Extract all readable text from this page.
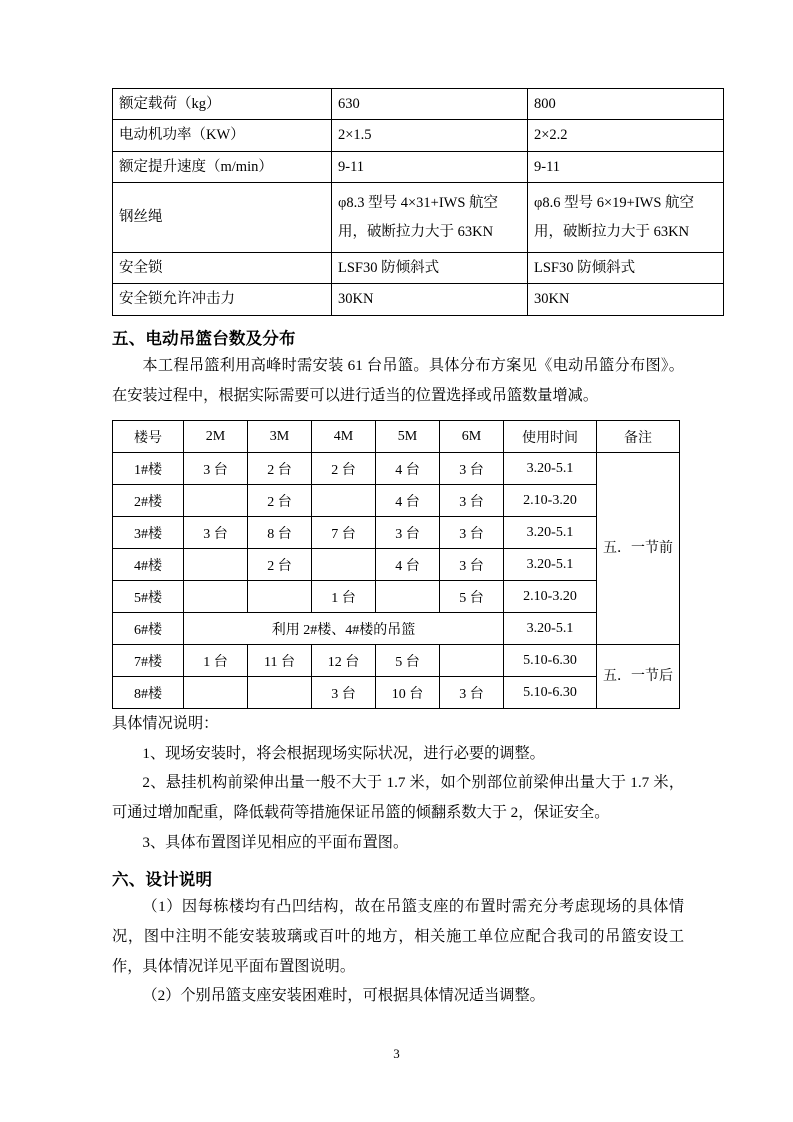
额定载荷（kg）	630	800
电动机功率（KW）	2×1.5	2×2.2
额定提升速度（m/min）	9-11	9-11
钢丝绳	φ8.3 型号 4×31+IWS 航空用，破断拉力大于 63KN	φ8.6 型号 6×19+IWS 航空用，破断拉力大于 63KN
安全锁	LSF30 防倾斜式	LSF30 防倾斜式
安全锁允许冲击力	30KN	30KN
五、电动吊篮台数及分布

本工程吊篮利用高峰时需安装 61 台吊篮。具体分布方案见《电动吊篮分布图》。在安装过程中，根据实际需要可以进行适当的位置选择或吊篮数量增减。

楼号	2M	3M	4M	5M	6M	使用时间	备注
1#楼	3 台	2 台	2 台	4 台	3 台	3.20-5.1	五．一节前
2#楼		2 台		4 台	3 台	2.10-3.20	
3#楼	3 台	8 台	7 台	3 台	3 台	3.20-5.1	
4#楼		2 台		4 台	3 台	3.20-5.1	
5#楼			1 台		5 台	2.10-3.20	
6#楼	利用 2#楼、4#楼的吊篮					3.20-5.1	
7#楼	1 台	11 台	12 台	5 台		5.10-6.30	五．一节后
8#楼			3 台	10 台	3 台	5.10-6.30	

具体情况说明：

1、现场安装时，将会根据现场实际状况，进行必要的调整。

2、悬挂机构前梁伸出量一般不大于 1.7 米，如个别部位前梁伸出量大于 1.7 米，可通过增加配重，降低载荷等措施保证吊篮的倾翻系数大于 2，保证安全。

3、具体布置图详见相应的平面布置图。

六、设计说明

（1）因每栋楼均有凸凹结构，故在吊篮支座的布置时需充分考虑现场的具体情况，图中注明不能安装玻璃或百叶的地方，相关施工单位应配合我司的吊篮安设工作，具体情况详见平面布置图说明。

（2）个别吊篮支座安装困难时，可根据具体情况适当调整。

3
